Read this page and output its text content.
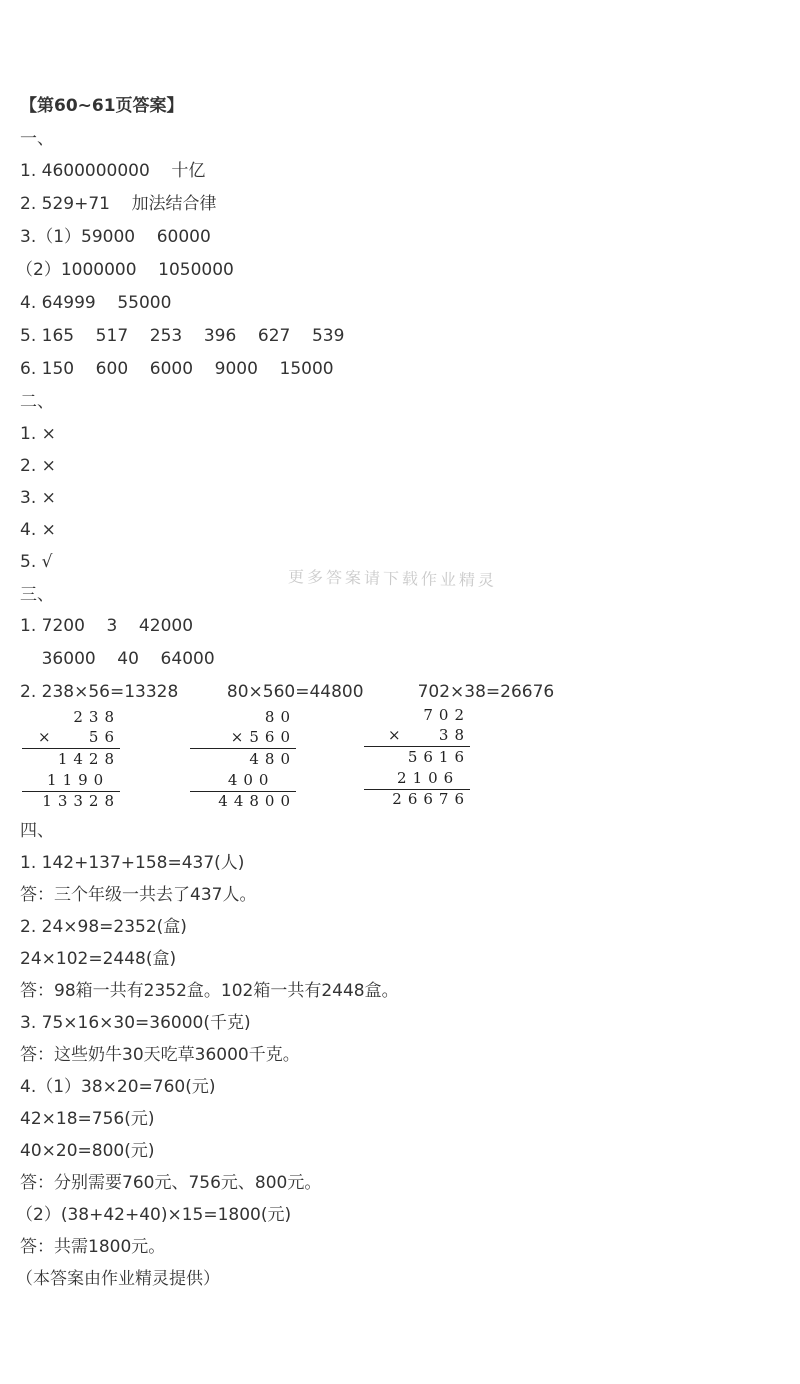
【第60~61页答案】
一、
1. 4600000000    十亿
2. 529+71    加法结合律
3.（1）59000    60000
（2）1000000    1050000
4. 64999    55000
5. 165    517    253    396    627    539
6. 150    600    6000    9000    15000
二、
1. ×
2. ×
3. ×
4. ×
5. √
更多答案请下载作业精灵
三、
1. 7200    3    42000
36000    40    64000
2. 238×56=13328         80×560=44800          702×38=26676
238
×   56
1428
1190
13328
80
×560
480
400
44800
702
×   38
5616
2106
26676
四、
1. 142+137+158=437(人)
答：三个年级一共去了437人。
2. 24×98=2352(盒)
24×102=2448(盒)
答：98箱一共有2352盒。102箱一共有2448盒。
3. 75×16×30=36000(千克)
答：这些奶牛30天吃草36000千克。
4.（1）38×20=760(元)
42×18=756(元)
40×20=800(元)
答：分别需要760元、756元、800元。
（2）(38+42+40)×15=1800(元)
答：共需1800元。
（本答案由作业精灵提供）
